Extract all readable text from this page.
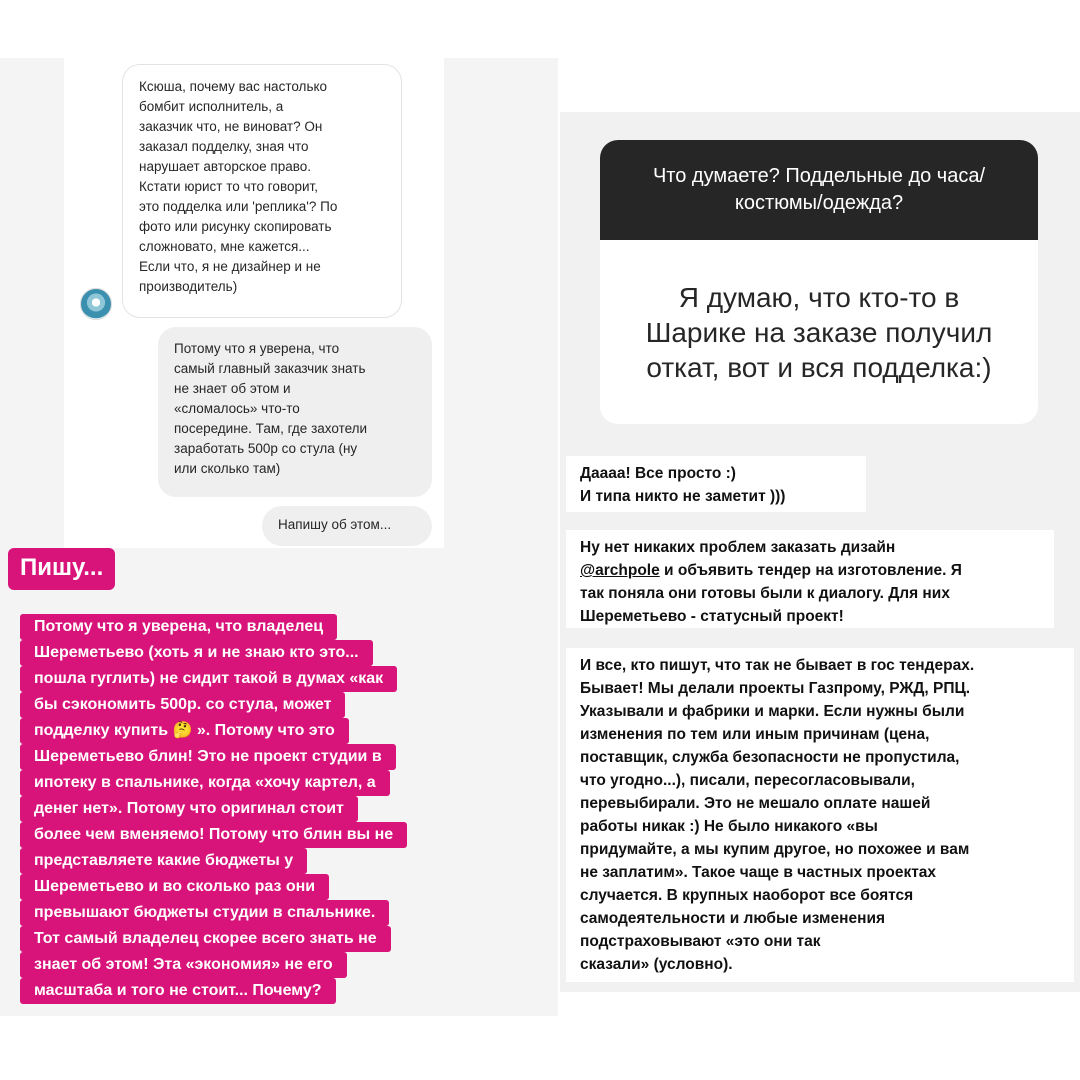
Ксюша, почему вас настолько
бомбит исполнитель, а
заказчик что, не виноват? Он
заказал подделку, зная что
нарушает авторское право.
Кстати юрист то что говорит,
это подделка или 'реплика'? По
фото или рисунку скопировать
сложновато, мне кажется...
Если что, я не дизайнер и не
производитель)
Потому что я уверена, что
самый главный заказчик знать
не знает об этом и
«сломалось» что-то
посередине. Там, где захотели
заработать 500р со стула (ну
или сколько там)
Напишу об этом...
Пишу...
Потому что я уверена, что владелец
Шереметьево (хоть я и не знаю кто это...
пошла гуглить) не сидит такой в думах «как
бы сэкономить 500р. со стула, может
подделку купить 🤔 ». Потому что это
Шереметьево блин! Это не проект студии в
ипотеку в спальнике, когда «хочу картел, а
денег нет». Потому что оригинал стоит
более чем вменяемо! Потому что блин вы не
представляете какие бюджеты у
Шереметьево и во сколько раз они
превышают бюджеты студии в спальнике.
Тот самый владелец скорее всего знать не
знает об этом! Эта «экономия» не его
масштаба и того не стоит... Почему?
Что думаете? Поддельные до часа/ костюмы/одежда?
Я думаю, что кто-то в
Шарике на заказе получил
откат, вот и вся подделка:)
Даааа! Все просто :)
И типа никто не заметит )))
Ну нет никаких проблем заказать дизайн
@archpole и объявить тендер на изготовление. Я
так поняла они готовы были к диалогу. Для них
Шереметьево - статусный проект!
И все, кто пишут, что так не бывает в гос тендерах.
Бывает! Мы делали проекты Газпрому, РЖД, РПЦ.
Указывали и фабрики и марки. Если нужны были
изменения по тем или иным причинам (цена,
поставщик, служба безопасности не пропустила,
что угодно...), писали, пересогласовывали,
перевыбирали. Это не мешало оплате нашей
работы никак :) Не было никакого «вы
придумайте, а мы купим другое, но похожее и вам
не заплатим». Такое чаще в частных проектах
случается. В крупных наоборот все боятся
самодеятельности и любые изменения
подстраховывают «это они так
сказали» (условно).
